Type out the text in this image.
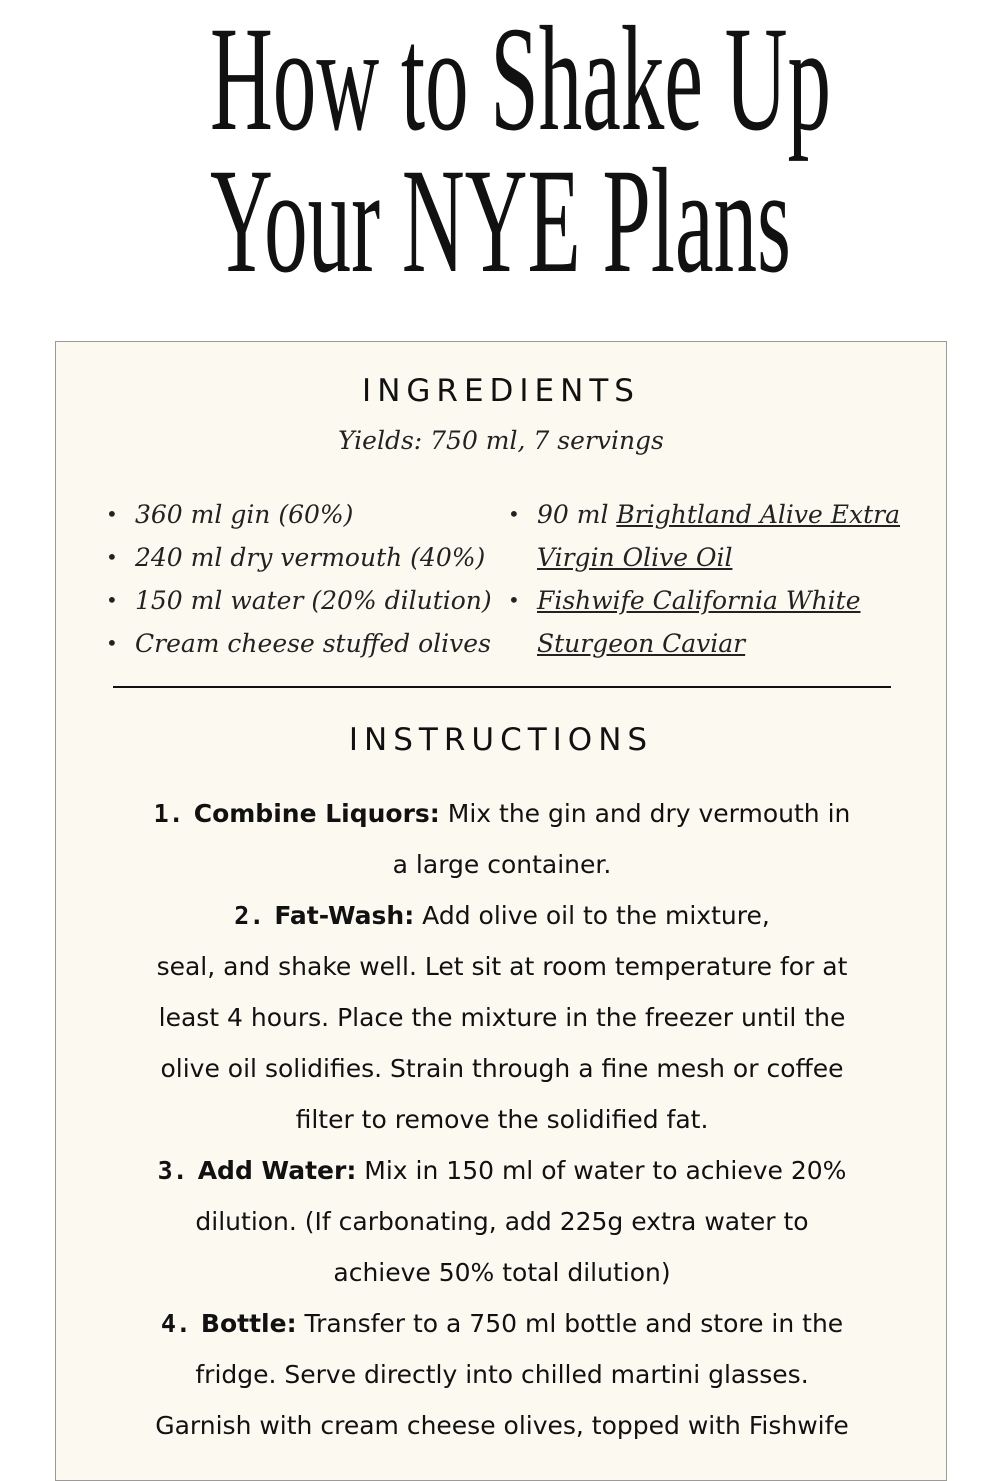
How to Shake Up
Your NYE Plans
INGREDIENTS
Yields: 750 ml, 7 servings
• 360 ml gin (60%)
• 240 ml dry vermouth (40%)
• 150 ml water (20% dilution)
• Cream cheese stuffed olives
• 90 ml Brightland Alive Extra
Virgin Olive Oil
• Fishwife California White
Sturgeon Caviar
INSTRUCTIONS
1. Combine Liquors: Mix the gin and dry vermouth in
a large container.
2. Fat-Wash: Add olive oil to the mixture,
seal, and shake well. Let sit at room temperature for at
least 4 hours. Place the mixture in the freezer until the
olive oil solidifies. Strain through a fine mesh or coffee
filter to remove the solidified fat.
3. Add Water: Mix in 150 ml of water to achieve 20%
dilution. (If carbonating, add 225g extra water to
achieve 50% total dilution)
4. Bottle: Transfer to a 750 ml bottle and store in the
fridge. Serve directly into chilled martini glasses.
Garnish with cream cheese olives, topped with Fishwife
